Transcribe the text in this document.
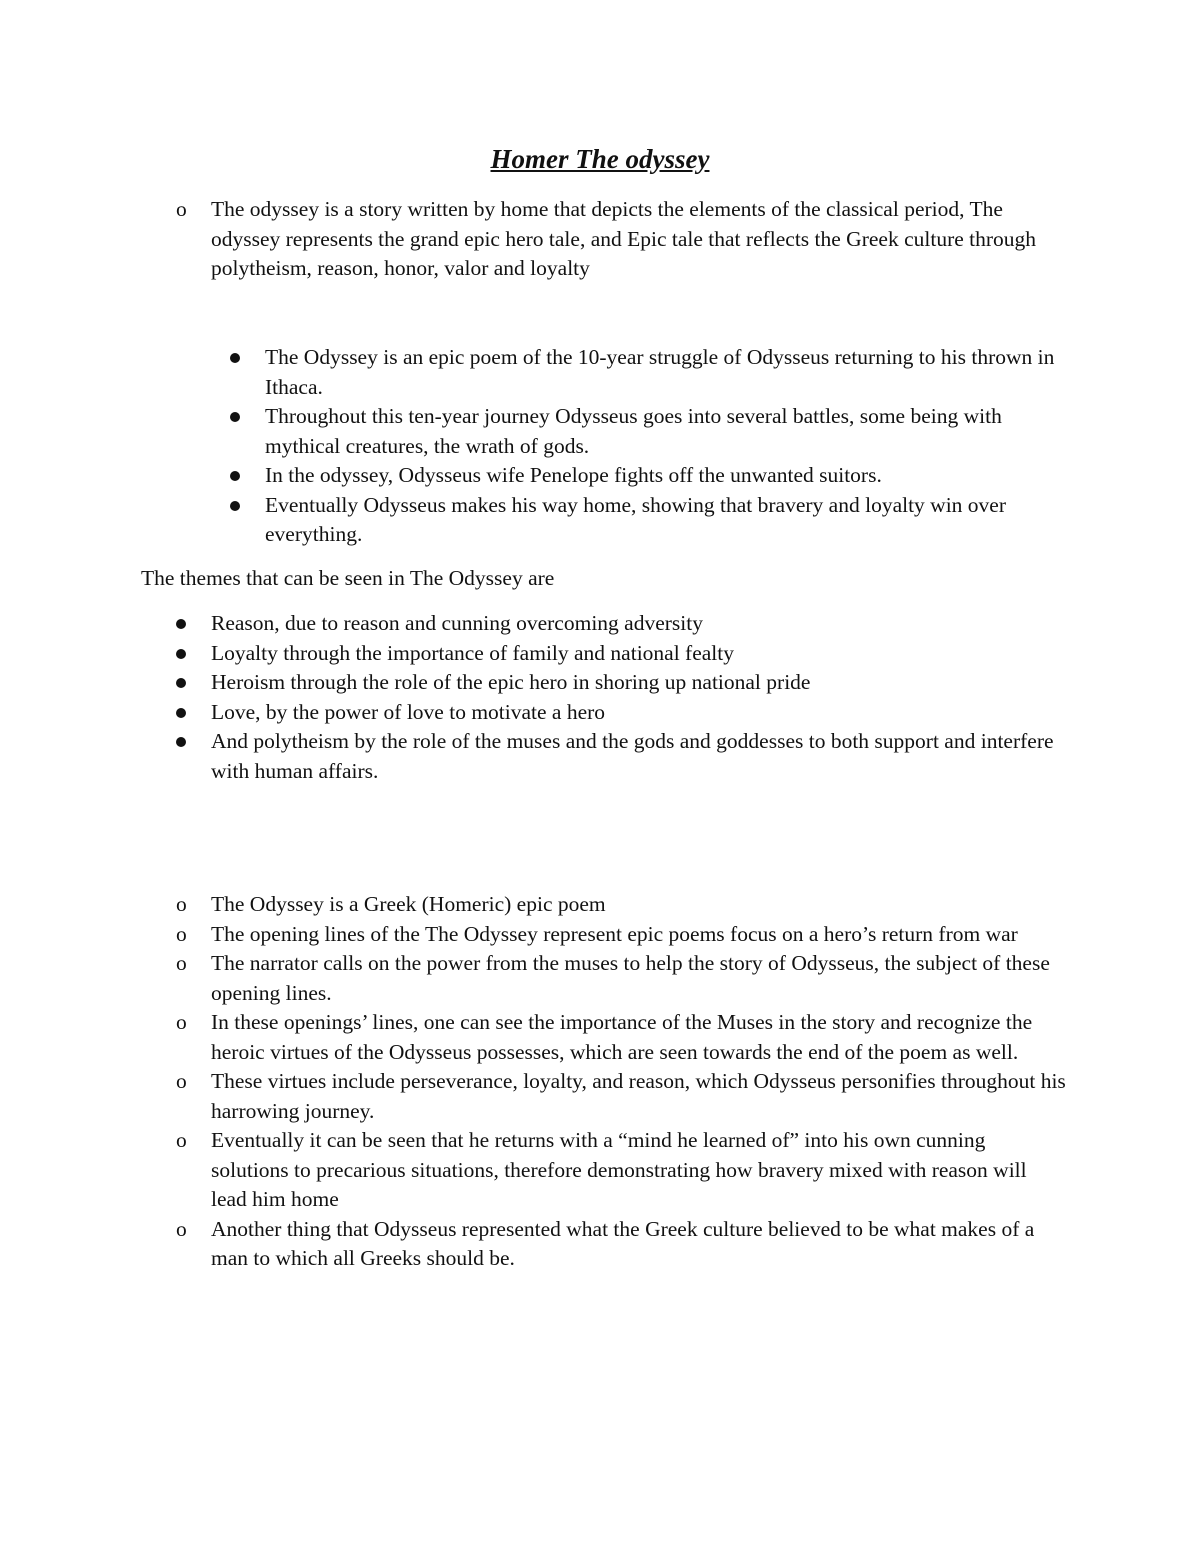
Homer The odyssey
o The odyssey is a story written by home that depicts the elements of the classical period, The odyssey represents the grand epic hero tale, and Epic tale that reflects the Greek culture through polytheism, reason, honor, valor and loyalty
The Odyssey is an epic poem of the 10-year struggle of Odysseus returning to his thrown in Ithaca.
Throughout this ten-year journey Odysseus goes into several battles, some being with mythical creatures, the wrath of gods.
In the odyssey, Odysseus wife Penelope fights off the unwanted suitors.
Eventually Odysseus makes his way home, showing that bravery and loyalty win over everything.

The themes that can be seen in The Odyssey are

Reason, due to reason and cunning overcoming adversity
Loyalty through the importance of family and national fealty
Heroism through the role of the epic hero in shoring up national pride
Love, by the power of love to motivate a hero
And polytheism by the role of the muses and the gods and goddesses to both support and interfere with human affairs.
o The Odyssey is a Greek (Homeric) epic poem
o The opening lines of the The Odyssey represent epic poems focus on a hero’s return from war
o The narrator calls on the power from the muses to help the story of Odysseus, the subject of these opening lines.
o In these openings’ lines, one can see the importance of the Muses in the story and recognize the heroic virtues of the Odysseus possesses, which are seen towards the end of the poem as well.
o These virtues include perseverance, loyalty, and reason, which Odysseus personifies throughout his harrowing journey.
o Eventually it can be seen that he returns with a “mind he learned of” into his own cunning solutions to precarious situations, therefore demonstrating how bravery mixed with reason will lead him home
o Another thing that Odysseus represented what the Greek culture believed to be what makes of a man to which all Greeks should be.
